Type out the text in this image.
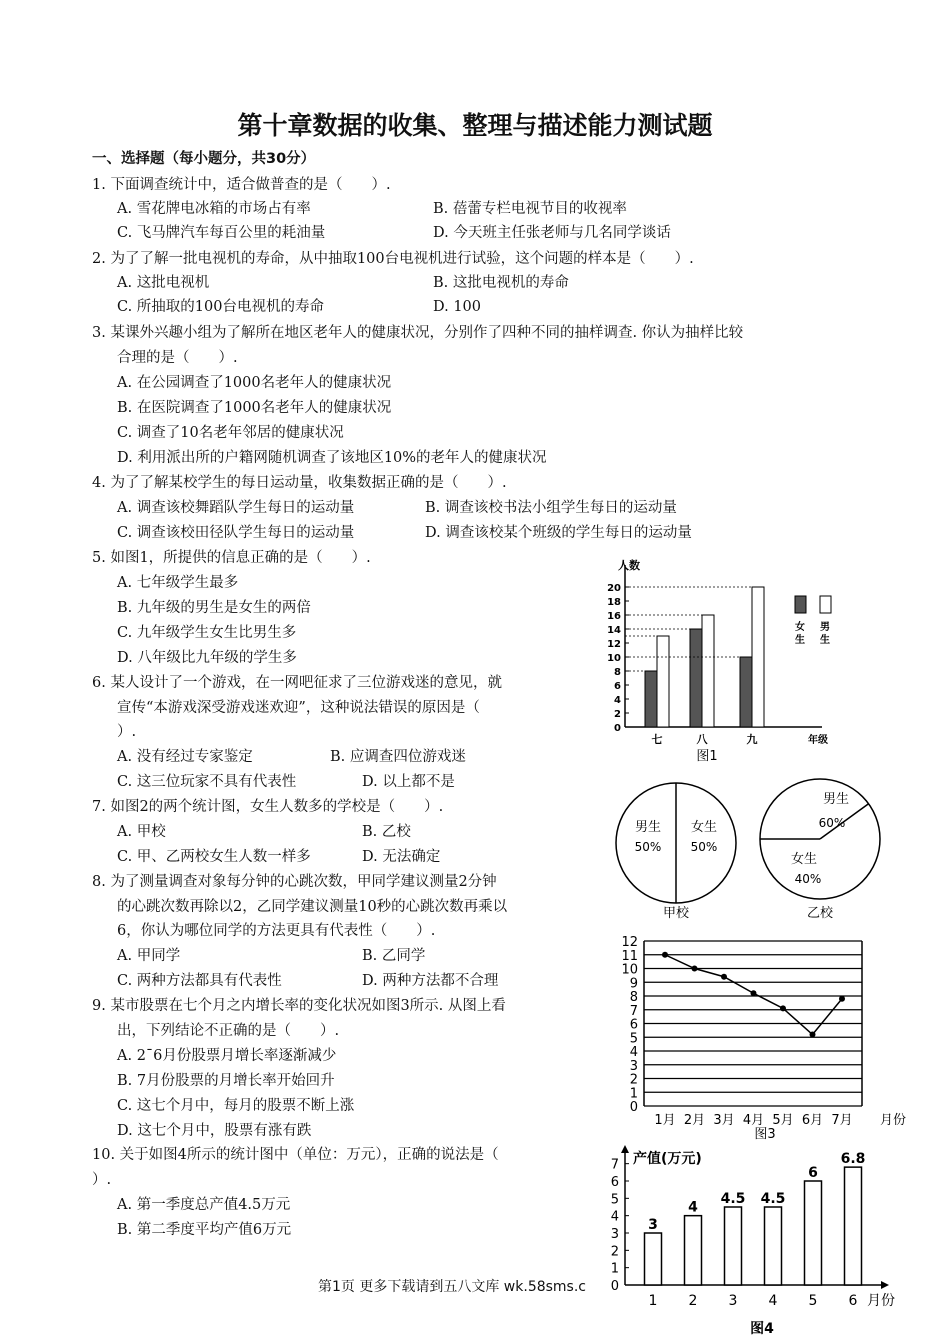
第十章数据的收集、整理与描述能力测试题
一、选择题（每小题分，共30分）
1. 下面调查统计中，适合做普查的是（　　）.
A. 雪花牌电冰箱的市场占有率	B. 蓓蕾专栏电视节目的收视率
C. 飞马牌汽车每百公里的耗油量	D. 今天班主任张老师与几名同学谈话
2. 为了了解一批电视机的寿命，从中抽取100台电视机进行试验，这个问题的样本是（　　）.
A. 这批电视机	B. 这批电视机的寿命
C. 所抽取的100台电视机的寿命	D. 100
3. 某课外兴趣小组为了解所在地区老年人的健康状况，分别作了四种不同的抽样调查. 你认为抽样比较
合理的是（　　）.
A. 在公园调查了1000名老年人的健康状况
B. 在医院调查了1000名老年人的健康状况
C. 调查了10名老年邻居的健康状况
D. 利用派出所的户籍网随机调查了该地区10%的老年人的健康状况
4. 为了了解某校学生的每日运动量，收集数据正确的是（　　）.
A. 调查该校舞蹈队学生每日的运动量	B. 调查该校书法小组学生每日的运动量
C. 调查该校田径队学生每日的运动量	D. 调查该校某个班级的学生每日的运动量
5. 如图1，所提供的信息正确的是（　　）.
A. 七年级学生最多
B. 九年级的男生是女生的两倍
C. 九年级学生女生比男生多
D. 八年级比九年级的学生多
6. 某人设计了一个游戏，在一网吧征求了三位游戏迷的意见，就
宣传“本游戏深受游戏迷欢迎”，这种说法错误的原因是（
）.
A. 没有经过专家鉴定	B. 应调查四位游戏迷
C. 这三位玩家不具有代表性	D. 以上都不是
7. 如图2的两个统计图，女生人数多的学校是（　　）.
A. 甲校	B. 乙校
C. 甲、乙两校女生人数一样多	D. 无法确定
8. 为了测量调查对象每分钟的心跳次数，甲同学建议测量2分钟
的心跳次数再除以2，乙同学建议测量10秒的心跳次数再乘以
6，你认为哪位同学的方法更具有代表性（　　）.
A. 甲同学	B. 乙同学
C. 两种方法都具有代表性	D. 两种方法都不合理
9. 某市股票在七个月之内增长率的变化状况如图3所示. 从图上看
出，下列结论不正确的是（　　）.
A. 2¯6月份股票月增长率逐渐减少
B. 7月份股票的月增长率开始回升
C. 这七个月中，每月的股票不断上涨
D. 这七个月中，股票有涨有跌
10. 关于如图4所示的统计图中（单位：万元），正确的说法是（
）.
A. 第一季度总产值4.5万元
B. 第二季度平均产值6万元
第1页 更多下载请到五八文库 wk.58sms.c
人数
0
2
4
6
8
10
12
14
16
18
20
七	八	九	年级
图1
女
生
男
生
男生
50%
女生
50%
甲校
男生
60%
女生
40%
乙校
0
1
2
3
4
5
6
7
8
9
10
11
12
1月 2月 3月 4月 5月 6月 7月 月份
图3
产值(万元)
0
1
2
3
4
5
6
7
3
1
4
2
4.5
3
4.5
4
6
5
6.8
6 月份
图4
